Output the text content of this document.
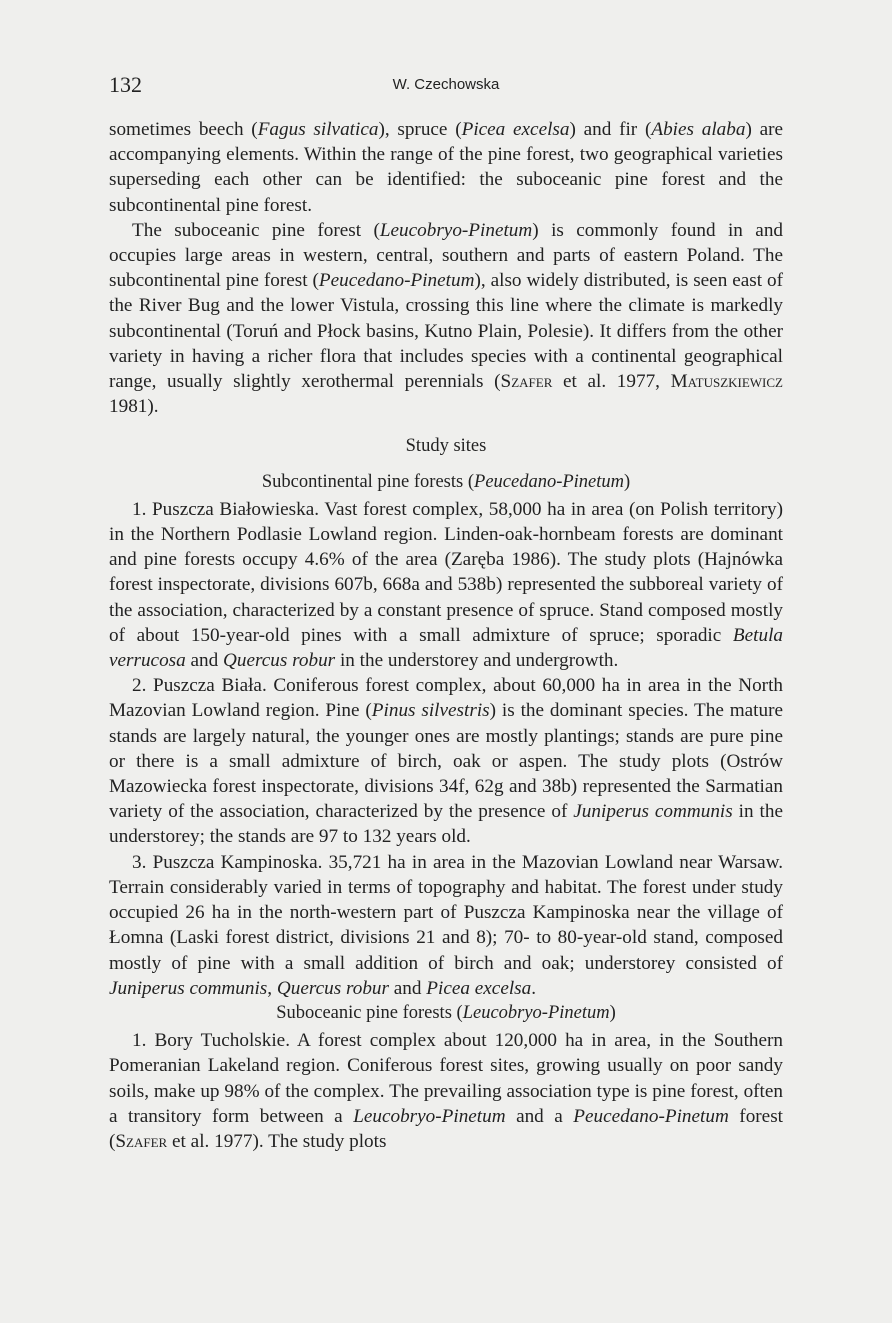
132	W. Czechowska

sometimes beech (Fagus silvatica), spruce (Picea excelsa) and fir (Abies alaba) are accompanying elements. Within the range of the pine forest, two geographical varieties superseding each other can be identified: the suboceanic pine forest and the subcontinental pine forest.

The suboceanic pine forest (Leucobryo-Pinetum) is commonly found in and occupies large areas in western, central, southern and parts of eastern Poland. The subcontinental pine forest (Peucedano-Pinetum), also widely distributed, is seen east of the River Bug and the lower Vistula, crossing this line where the climate is markedly subcontinental (Toruń and Płock basins, Kutno Plain, Polesie). It differs from the other variety in having a richer flora that includes species with a continental geographical range, usually slightly xerothermal perennials (Szafer et al. 1977, Matuszkiewicz 1981).

Study sites
Subcontinental pine forests (Peucedano-Pinetum)

1. Puszcza Białowieska. Vast forest complex, 58,000 ha in area (on Polish territory) in the Northern Podlasie Lowland region. Linden-oak-hornbeam forests are dominant and pine forests occupy 4.6% of the area (Zaręba 1986). The study plots (Hajnówka forest inspectorate, divisions 607b, 668a and 538b) represented the subboreal variety of the association, characterized by a constant presence of spruce. Stand composed mostly of about 150-year-old pines with a small admixture of spruce; sporadic Betula verrucosa and Quercus robur in the understorey and undergrowth.

2. Puszcza Biała. Coniferous forest complex, about 60,000 ha in area in the North Mazovian Lowland region. Pine (Pinus silvestris) is the dominant species. The mature stands are largely natural, the younger ones are mostly plantings; stands are pure pine or there is a small admixture of birch, oak or aspen. The study plots (Ostrów Mazowiecka forest inspectorate, divisions 34f, 62g and 38b) represented the Sarmatian variety of the association, characterized by the presence of Juniperus communis in the understorey; the stands are 97 to 132 years old.

3. Puszcza Kampinoska. 35,721 ha in area in the Mazovian Lowland near Warsaw. Terrain considerably varied in terms of topography and habitat. The forest under study occupied 26 ha in the north-western part of Puszcza Kampinoska near the village of Łomna (Laski forest district, divisions 21 and 8); 70- to 80-year-old stand, composed mostly of pine with a small addition of birch and oak; understorey consisted of Juniperus communis, Quercus robur and Picea excelsa.

Suboceanic pine forests (Leucobryo-Pinetum)

1. Bory Tucholskie. A forest complex about 120,000 ha in area, in the Southern Pomeranian Lakeland region. Coniferous forest sites, growing usually on poor sandy soils, make up 98% of the complex. The prevailing association type is pine forest, often a transitory form between a Leucobryo-Pinetum and a Peucedano-Pinetum forest (Szafer et al. 1977). The study plots
